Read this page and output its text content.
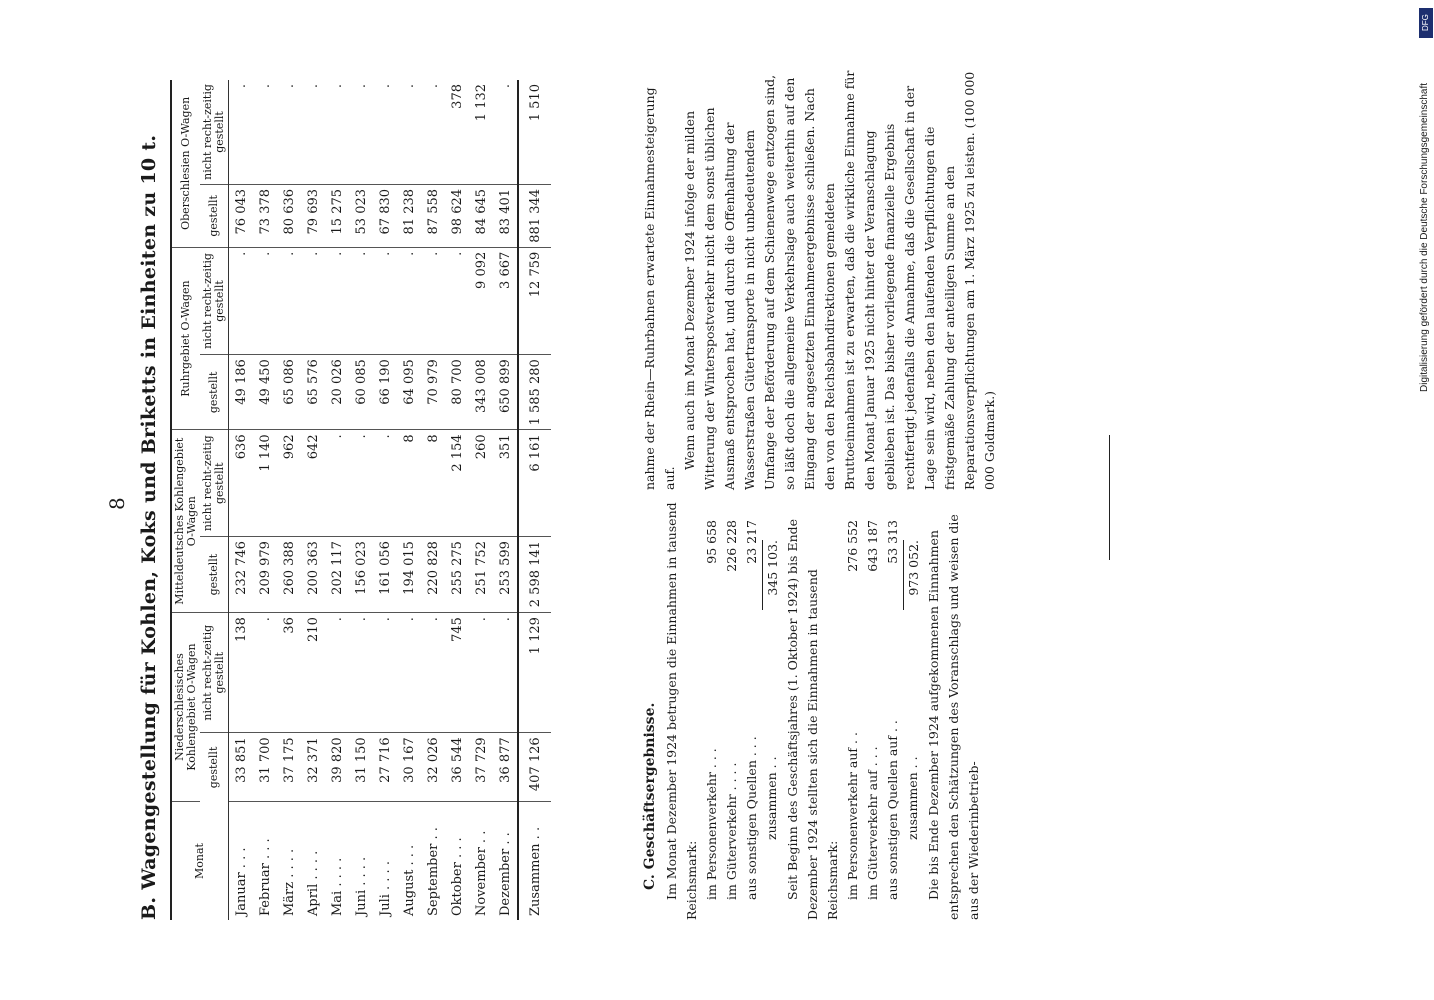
8 B. Wagengestellung für Kohlen, Koks und Briketts in Einheiten zu 10 t.	Monat	Niederschlesisches Kohlengebiet O-Wagen		Mitteldeutsches Kohlengebiet O-Wagen		Ruhrgebiet O-Wagen		Oberschlesien O-Wagen	
	gestellt	nicht recht-zeitig gestellt	gestellt	nicht recht-zeitig gestellt	gestellt	nicht recht-zeitig gestellt	gestellt	nicht recht-zeitig gestellt
Januar . . .	33 851	138	232 746	636	49 186	.	76 043	.
Februar . . .	31 700	.	209 979	1 140	49 450	.	73 378	.
März . . . .	37 175	36	260 388	962	65 086	.	80 636	.
April . . . .	32 371	210	200 363	642	65 576	.	79 693	.
Mai . . . .	39 820	.	202 117	.	20 026	.	15 275	.
Juni . . . .	31 150	.	156 023	.	60 085	.	53 023	.
Juli . . . .	27 716	.	161 056	.	66 190	.	67 830	.
August . . .	30 167	.	194 015	8	64 095	.	81 238	.
September . .	32 026	.	220 828	8	70 979	.	87 558	.
Oktober . . .	36 544	745	255 275	2 154	80 700	.	98 624	378
November . .	37 729	.	251 752	260	343 008	9 092	84 645	1 132
Dezember . .	36 877	.	253 599	351	650 899	3 667	83 401	.
Zusammen . .	407 126	1 129	2 598 141	6 161	1 585 280	12 759	881 344	1 510
C. Geschäftsergebnisse. Im Monat Dezember 1924 betrugen die Einnahmen in tausend Reichsmark: im Personenverkehr . . .
95 658
im Güterverkehr . . . .
226 228
aus sonstigen Quellen . . .
23 217
zusammen . .
345 103. Seit Beginn des Geschäftsjahres (1. Oktober 1924) bis Ende Dezember 1924 stellten sich die Einnahmen in tausend Reichsmark: im Personenverkehr auf . .
276 552
im Güterverkehr auf . . .
643 187
aus sonstigen Quellen auf . .
53 313
zusammen . .
973 052. Die bis Ende Dezember 1924 aufgekommenen Einnahmen entsprechen den Schätzungen des Voranschlags und weisen die aus der Wiederinbetrieb-

nahme der Rhein—Ruhrbahnen erwartete Einnahmesteigerung auf.

Wenn auch im Monat Dezember 1924 infolge der milden Witterung der Winterspostverkehr nicht dem sonst üblichen Ausmaß entsprochen hat, und durch die Offenhaltung der Wasserstraßen Gütertransporte in nicht unbedeutendem Umfange der Beförderung auf dem Schienenwege entzogen sind, so läßt doch die allgemeine Verkehrslage auch weiterhin auf den Eingang der angesetzten Einnahmeergebnisse schließen. Nach den von den Reichsbahndirektionen gemeldeten Bruttoeinnahmen ist zu erwarten, daß die wirkliche Einnahme für den Monat Januar 1925 nicht hinter der Veranschlagung geblieben ist. Das bisher vorliegende finanzielle Ergebnis rechtfertigt jedenfalls die Annahme, daß die Gesellschaft in der Lage sein wird, neben den laufenden Verpflichtungen die fristgemäße Zahlung der anteiligen Summe an den Reparationsverpflichtungen am 1. März 1925 zu leisten. (100 000 000 Goldmark.)

Digitalisierung gefördert durch die Deutsche Forschungsgemeinschaft
DFG
